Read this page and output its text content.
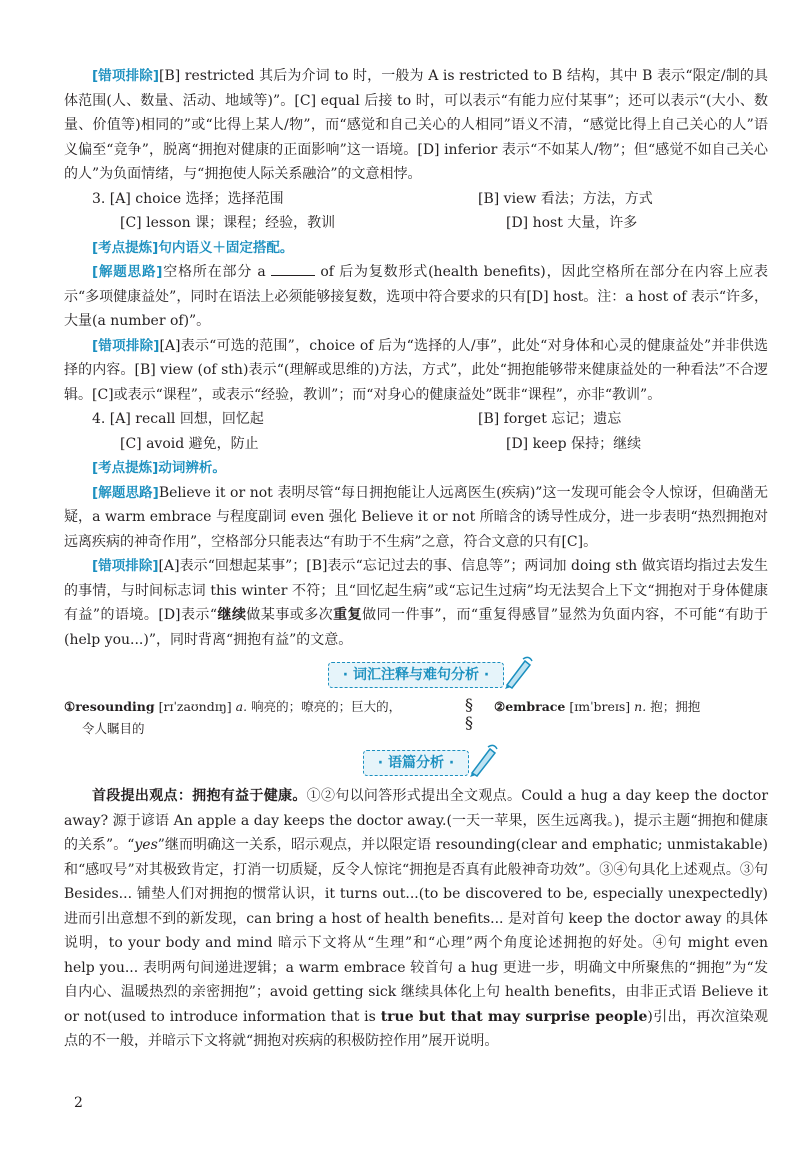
[错项排除][B] restricted 其后为介词 to 时，一般为 A is restricted to B 结构，其中 B 表示“限定/制的具体范围(人、数量、活动、地域等)”。[C] equal 后接 to 时，可以表示“有能力应付某事”；还可以表示“(大小、数量、价值等)相同的”或“比得上某人/物”，而“感觉和自己关心的人相同”语义不清，“感觉比得上自己关心的人”语义偏至“竞争”，脱离“拥抱对健康的正面影响”这一语境。[D] inferior 表示“不如某人/物”；但“感觉不如自己关心的人”为负面情绪，与“拥抱使人际关系融洽”的文意相悖。

3. [A] choice 选择；选择范围	[B] view 看法；方法，方式
[C] lesson 课；课程；经验，教训	[D] host 大量，许多

[考点提炼]句内语义＋固定搭配。

[解题思路]空格所在部分 a	of 后为复数形式(health benefits)，因此空格所在部分在内容上应表示“多项健康益处”，同时在语法上必须能够接复数，选项中符合要求的只有[D] host。注：a host of 表示“许多，大量(a number of)”。

[错项排除][A]表示“可选的范围”，choice of 后为“选择的人/事”，此处“对身体和心灵的健康益处”并非供选择的内容。[B] view (of sth)表示“(理解或思维的)方法，方式”，此处“拥抱能够带来健康益处的一种看法”不合逻辑。[C]或表示“课程”，或表示“经验，教训”；而“对身心的健康益处”既非“课程”，亦非“教训”。

4. [A] recall 回想，回忆起	[B] forget 忘记；遗忘
[C] avoid 避免，防止	[D] keep 保持；继续

[考点提炼]动词辨析。

[解题思路]Believe it or not 表明尽管“每日拥抱能让人远离医生(疾病)”这一发现可能会令人惊讶，但确凿无疑，a warm embrace 与程度副词 even 强化 Believe it or not 所暗含的诱导性成分，进一步表明“热烈拥抱对远离疾病的神奇作用”，空格部分只能表达“有助于不生病”之意，符合文意的只有[C]。

[错项排除][A]表示“回想起某事”；[B]表示“忘记过去的事、信息等”；两词加 doing sth 做宾语均指过去发生的事情，与时间标志词 this winter 不符；且“回忆起生病”或“忘记生过病”均无法契合上下文“拥抱对于身体健康有益”的语境。[D]表示“继续做某事或多次重复做同一件事”，而“重复得感冒”显然为负面内容，不可能“有助于(help you...)”，同时背离“拥抱有益”的文意。

· 词汇注释与难句分析 ·
①resounding [rɪˈzaʊndɪŋ] a. 响亮的；嘹亮的；巨大的，
令人瞩目的
§
§
②embrace [ɪmˈbreɪs] n. 抱；拥抱
· 语篇分析 ·

首段提出观点：拥抱有益于健康。①②句以问答形式提出全文观点。Could a hug a day keep the doctor away? 源于谚语 An apple a day keeps the doctor away.(一天一苹果，医生远离我。)，提示主题“拥抱和健康的关系”。“yes”继而明确这一关系，昭示观点，并以限定语 resounding(clear and emphatic; unmistakable)和“感叹号”对其极致肯定，打消一切质疑，反令人惊诧“拥抱是否真有此般神奇功效”。③④句具化上述观点。③句 Besides... 铺垫人们对拥抱的惯常认识，it turns out...(to be discovered to be, especially unexpectedly)进而引出意想不到的新发现，can bring a host of health benefits... 是对首句 keep the doctor away 的具体说明，to your body and mind 暗示下文将从“生理”和“心理”两个角度论述拥抱的好处。④句 might even help you... 表明两句间递进逻辑；a warm embrace 较首句 a hug 更进一步，明确文中所聚焦的“拥抱”为“发自内心、温暖热烈的亲密拥抱”；avoid getting sick 继续具体化上句 health benefits，由非正式语 Believe it or not(used to introduce information that is true but that may surprise people)引出，再次渲染观点的不一般，并暗示下文将就“拥抱对疾病的积极防控作用”展开说明。

2
